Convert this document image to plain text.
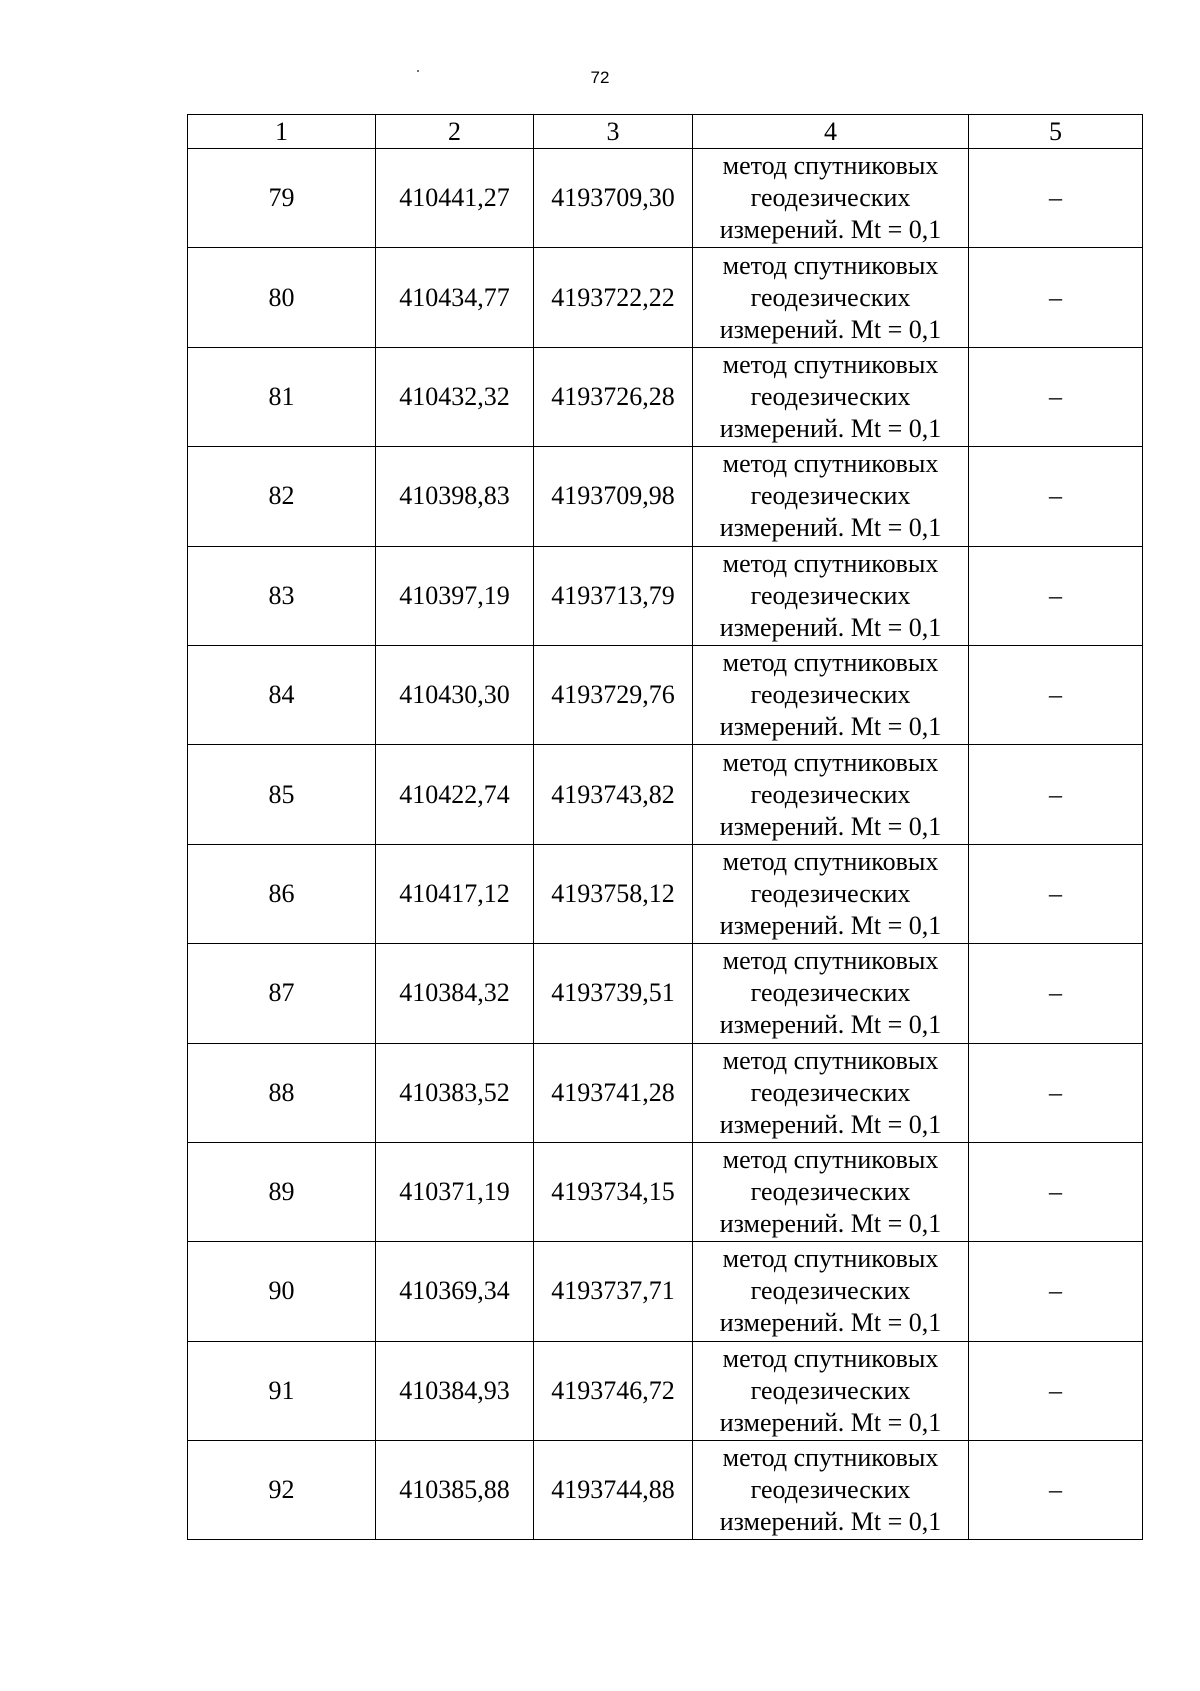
72
1	2	3	4	5
79	410441,27	4193709,30	метод спутниковых
геодезических
измерений. Mt = 0,1	–
80	410434,77	4193722,22	метод спутниковых
геодезических
измерений. Mt = 0,1	–
81	410432,32	4193726,28	метод спутниковых
геодезических
измерений. Mt = 0,1	–
82	410398,83	4193709,98	метод спутниковых
геодезических
измерений. Mt = 0,1	–
83	410397,19	4193713,79	метод спутниковых
геодезических
измерений. Mt = 0,1	–
84	410430,30	4193729,76	метод спутниковых
геодезических
измерений. Mt = 0,1	–
85	410422,74	4193743,82	метод спутниковых
геодезических
измерений. Mt = 0,1	–
86	410417,12	4193758,12	метод спутниковых
геодезических
измерений. Mt = 0,1	–
87	410384,32	4193739,51	метод спутниковых
геодезических
измерений. Mt = 0,1	–
88	410383,52	4193741,28	метод спутниковых
геодезических
измерений. Mt = 0,1	–
89	410371,19	4193734,15	метод спутниковых
геодезических
измерений. Mt = 0,1	–
90	410369,34	4193737,71	метод спутниковых
геодезических
измерений. Mt = 0,1	–
91	410384,93	4193746,72	метод спутниковых
геодезических
измерений. Mt = 0,1	–
92	410385,88	4193744,88	метод спутниковых
геодезических
измерений. Mt = 0,1	–
